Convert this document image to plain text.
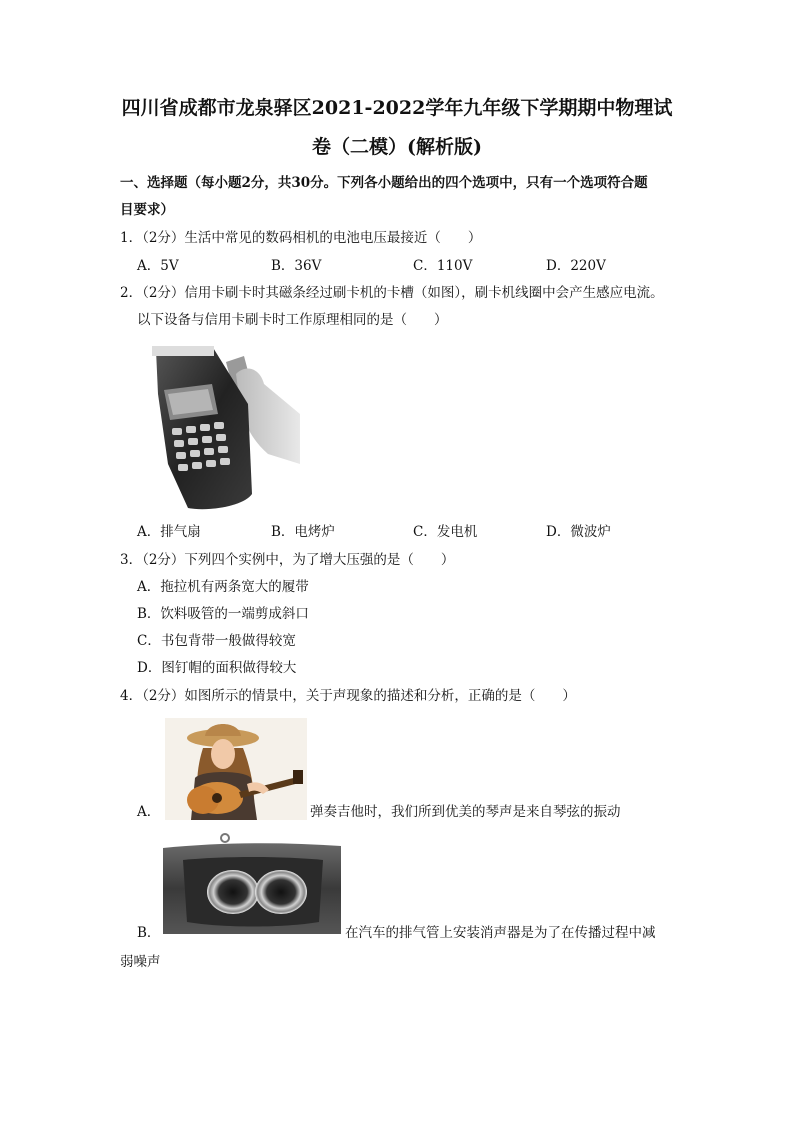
四川省成都市龙泉驿区2021-2022学年九年级下学期期中物理试
卷（二模）(解析版)
一、选择题（每小题2分，共30分。下列各小题给出的四个选项中，只有一个选项符合题
目要求）
1．（2分）生活中常见的数码相机的电池电压最接近（　　）
A．5V	B．36V	C．110V	D．220V
2．（2分）信用卡刷卡时其磁条经过刷卡机的卡槽（如图），刷卡机线圈中会产生感应电流。
以下设备与信用卡刷卡时工作原理相同的是（　　）
A．排气扇	B．电烤炉	C．发电机	D．微波炉
3．（2分）下列四个实例中，为了增大压强的是（　　）
A．拖拉机有两条宽大的履带
B．饮料吸管的一端剪成斜口
C．书包背带一般做得较宽
D．图钉帽的面积做得较大
4．（2分）如图所示的情景中，关于声现象的描述和分析，正确的是（　　）
A．	弹奏吉他时，我们所到优美的琴声是来自琴弦的振动
B．	在汽车的排气管上安装消声器是为了在传播过程中减
弱噪声
